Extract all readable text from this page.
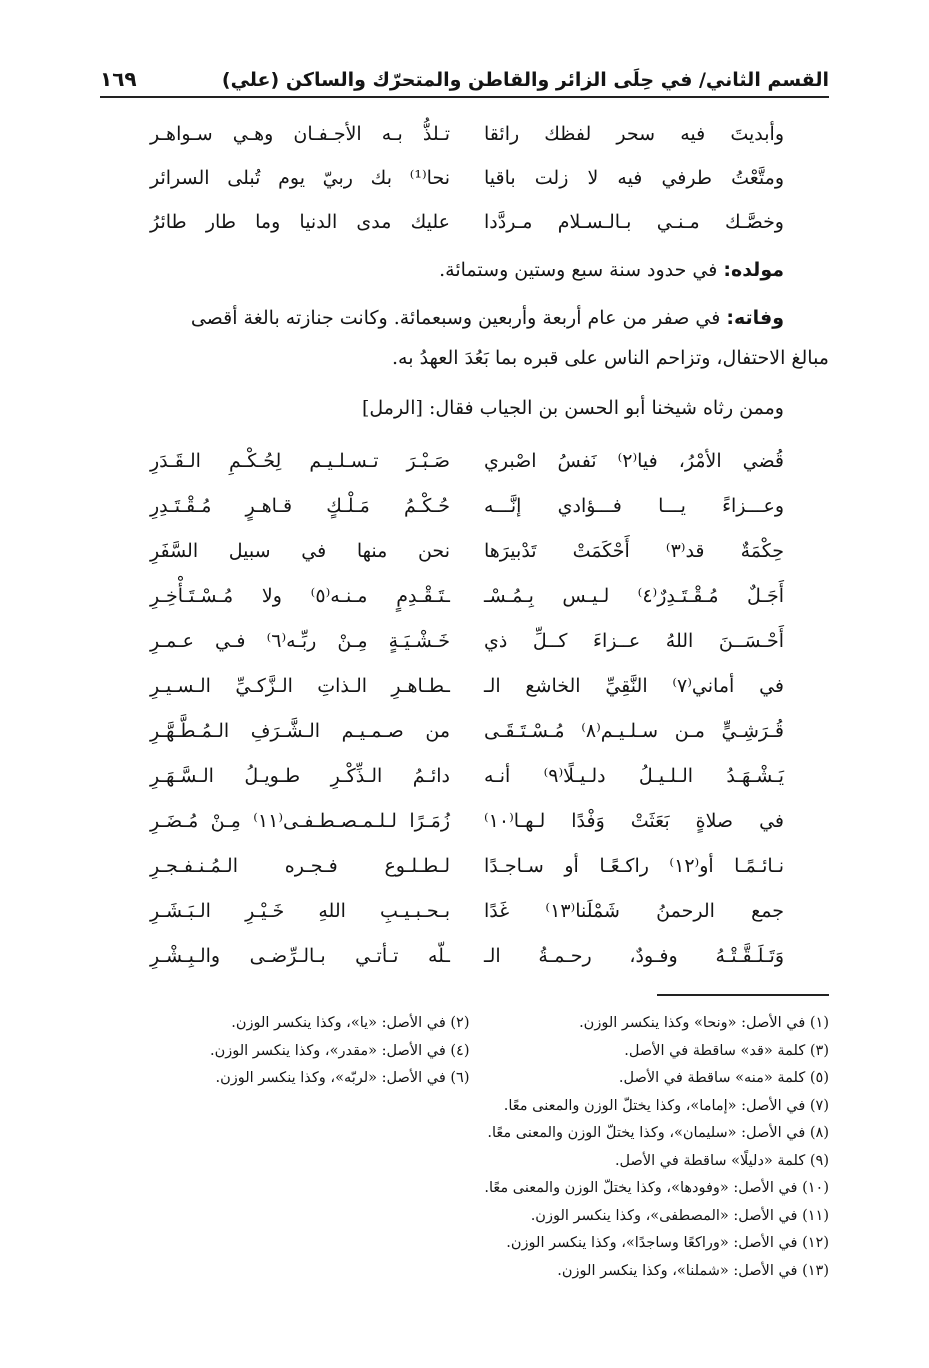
القسم الثاني/ في حِلَى الزائر والقاطن والمتحرّك والساكن (علي)
١٦٩
وأبديتَ فيه سحر لفظك رائقا
تـلذُّ بـه الأجـفـان وهـي سـواهـر
ومتَّعْتُ طرفي فيه لا زلت باقيا
نحا⁽¹⁾ بك ربيّ يوم تُبلى السرائر
وخصَّـك مـنـي بـالـسـلام مـردَّدا
عليك مدى الدنيا وما طار طائرُ
مولده: في حدود سنة سبع وستين وستمائة.
وفاته: في صفر من عام أربعة وأربعين وسبعمائة. وكانت جنازته بالغة أقصى
مبالغ الاحتفال، وتزاحم الناس على قبره بما بَعُدَ العهدُ به.
وممن رثاه شيخنا أبو الحسن بن الجياب فقال: [الرمل]
قُضي الأمْرُ، فيا⁽٢⁾ نَفسُ اصْبري
صَـبْـرَ تـسـلـيـم لِحُـكْـمِ الـقَـدَرِ
وعـــزاءً يـــا فـــؤادي إنَّـــه
حُـكْـمُ مَـلْـكٍ قـاهـرٍ مُـقْـتَـدِرِ
حِكْمَةٌ قد⁽٣⁾ أَحْكَمَتْ تَدْبيرَها
نحن منها في سبيل السَّفَرِ
أَجَـلٌ مُـقْـتَـدِرٌ⁽٤⁾ لـيـس بِـمُـسْـ
ـتَـقْـدِمٍ مـنـه⁽٥⁾ ولا مُـسْـتَـأْخِـرِ
أَحْـسَــنَ اللهُ عــزاءَ كــلِّ ذي
خَـشْـيَـةٍ مِـنْ ربِّـه⁽٦⁾ فـي عـمـرِ
في أماني⁽٧⁾ النَّقِيِّ الخاشع الـ
ـطـاهـرِ الـذاتِ الـزَّكـيِّ الـسـيـرِ
قُـرَشِـيٍّ مـن سـلـيـم⁽٨⁾ مُـسْـتَـقَـى
من صـمـيـم الـشَّـرَفِ الـمُـطَّـهَّـرِ
يَـشْـهَـدُ الـلـيـلُ دلـيـلًا⁽٩⁾ أنـه
دائـمُ الـذِّكْـرِ طـويـلُ الـسَّـهَـرِ
في صلاةٍ بَعَثَتْ وَفْدًا لـهـا⁽١٠⁾
زُمَـرًا لـلـمـصـطـفـى⁽١١⁾ مِـنْ مُـضَـرِ
نـائـمًـا أو⁽١٢⁾ راكـعًـا أو سـاجـدًا
لـطـلـوع فـجـره الـمُـنـفـجـرِ
جمع الرحمنُ شَمْلَنا⁽١٣⁾ غَدًا
بـحـبـيـبِ اللهِ خَـيْـرِ الـبَـشَـرِ
وَتَـلَـقَّـتْـهُ وفـودٌ، رحـمـةُ الـ
ـلّه تـأتـي بـالـرِّضـى والـبِـشْـرِ
(١) في الأصل: «ونحا» وكذا ينكسر الوزن.
(٢) في الأصل: «يا»، وكذا ينكسر الوزن.
(٣) كلمة «قد» ساقطة في الأصل.
(٤) في الأصل: «مقدر»، وكذا ينكسر الوزن.
(٥) كلمة «منه» ساقطة في الأصل.
(٦) في الأصل: «لربّه»، وكذا ينكسر الوزن.
(٧) في الأصل: «إماما»، وكذا يختلّ الوزن والمعنى معًا.
(٨) في الأصل: «سليمان»، وكذا يختلّ الوزن والمعنى معًا.
(٩) كلمة «دليلًا» ساقطة في الأصل.
(١٠) في الأصل: «وفودها»، وكذا يختلّ الوزن والمعنى معًا.
(١١) في الأصل: «المصطفى»، وكذا ينكسر الوزن.
(١٢) في الأصل: «وراكعًا وساجدًا»، وكذا ينكسر الوزن.
(١٣) في الأصل: «شملنا»، وكذا ينكسر الوزن.
